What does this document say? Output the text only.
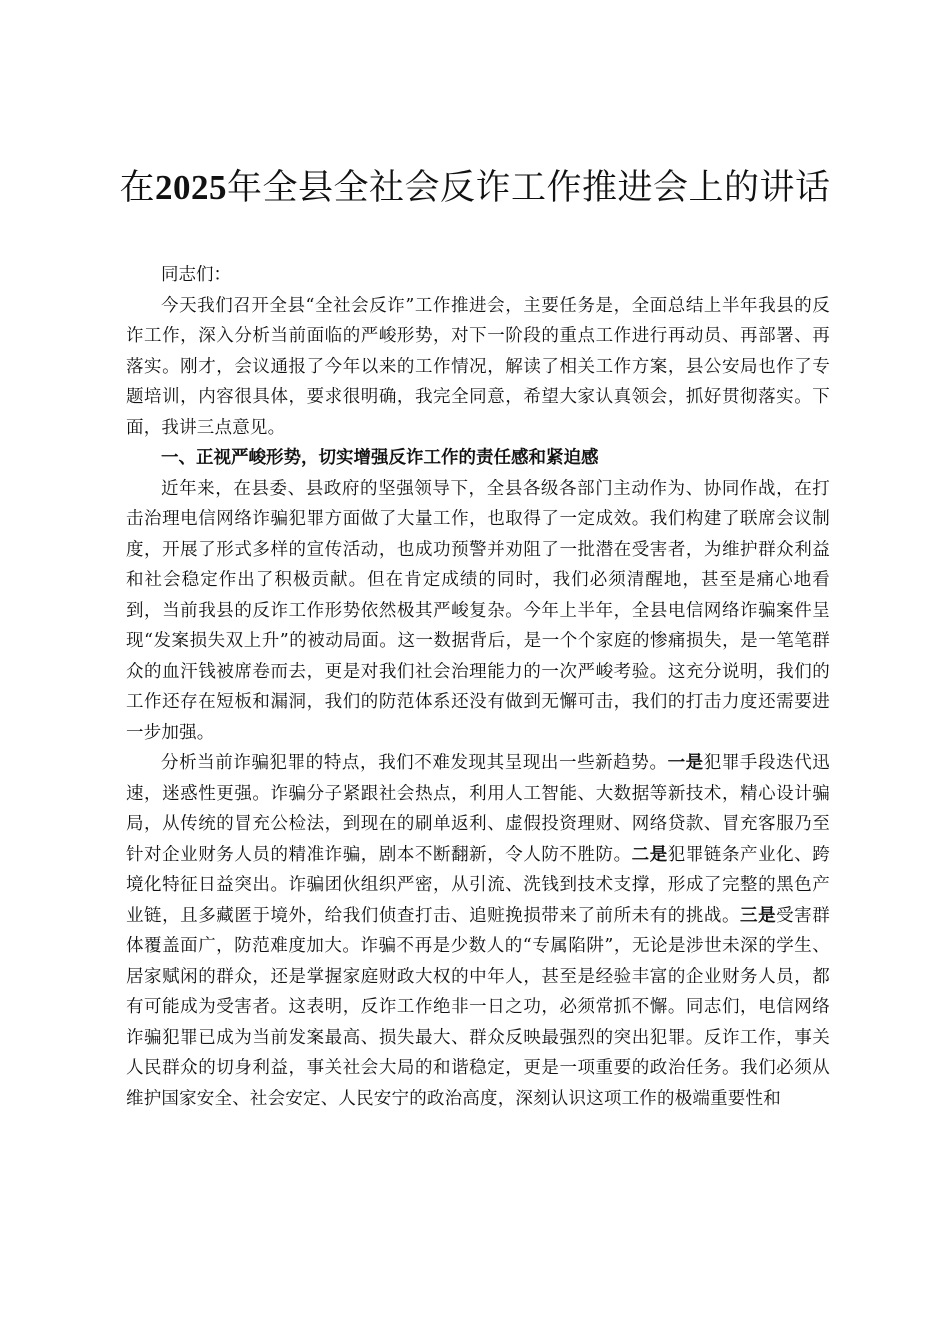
在2025年全县全社会反诈工作推进会上的讲话

同志们：

今天我们召开全县“全社会反诈”工作推进会，主要任务是，全面总结上半年我县的反诈工作，深入分析当前面临的严峻形势，对下一阶段的重点工作进行再动员、再部署、再落实。刚才，会议通报了今年以来的工作情况，解读了相关工作方案，县公安局也作了专题培训，内容很具体，要求很明确，我完全同意，希望大家认真领会，抓好贯彻落实。下面，我讲三点意见。

一、正视严峻形势，切实增强反诈工作的责任感和紧迫感

近年来，在县委、县政府的坚强领导下，全县各级各部门主动作为、协同作战，在打击治理电信网络诈骗犯罪方面做了大量工作，也取得了一定成效。我们构建了联席会议制度，开展了形式多样的宣传活动，也成功预警并劝阻了一批潜在受害者，为维护群众利益和社会稳定作出了积极贡献。但在肯定成绩的同时，我们必须清醒地，甚至是痛心地看到，当前我县的反诈工作形势依然极其严峻复杂。今年上半年，全县电信网络诈骗案件呈现“发案损失双上升”的被动局面。这一数据背后，是一个个家庭的惨痛损失，是一笔笔群众的血汗钱被席卷而去，更是对我们社会治理能力的一次严峻考验。这充分说明，我们的工作还存在短板和漏洞，我们的防范体系还没有做到无懈可击，我们的打击力度还需要进一步加强。

分析当前诈骗犯罪的特点，我们不难发现其呈现出一些新趋势。一是犯罪手段迭代迅速，迷惑性更强。诈骗分子紧跟社会热点，利用人工智能、大数据等新技术，精心设计骗局，从传统的冒充公检法，到现在的刷单返利、虚假投资理财、网络贷款、冒充客服乃至针对企业财务人员的精准诈骗，剧本不断翻新，令人防不胜防。二是犯罪链条产业化、跨境化特征日益突出。诈骗团伙组织严密，从引流、洗钱到技术支撑，形成了完整的黑色产业链，且多藏匿于境外，给我们侦查打击、追赃挽损带来了前所未有的挑战。三是受害群体覆盖面广，防范难度加大。诈骗不再是少数人的“专属陷阱”，无论是涉世未深的学生、居家赋闲的群众，还是掌握家庭财政大权的中年人，甚至是经验丰富的企业财务人员，都有可能成为受害者。这表明，反诈工作绝非一日之功，必须常抓不懈。同志们，电信网络诈骗犯罪已成为当前发案最高、损失最大、群众反映最强烈的突出犯罪。反诈工作，事关人民群众的切身利益，事关社会大局的和谐稳定，更是一项重要的政治任务。我们必须从维护国家安全、社会安定、人民安宁的政治高度，深刻认识这项工作的极端重要性和
